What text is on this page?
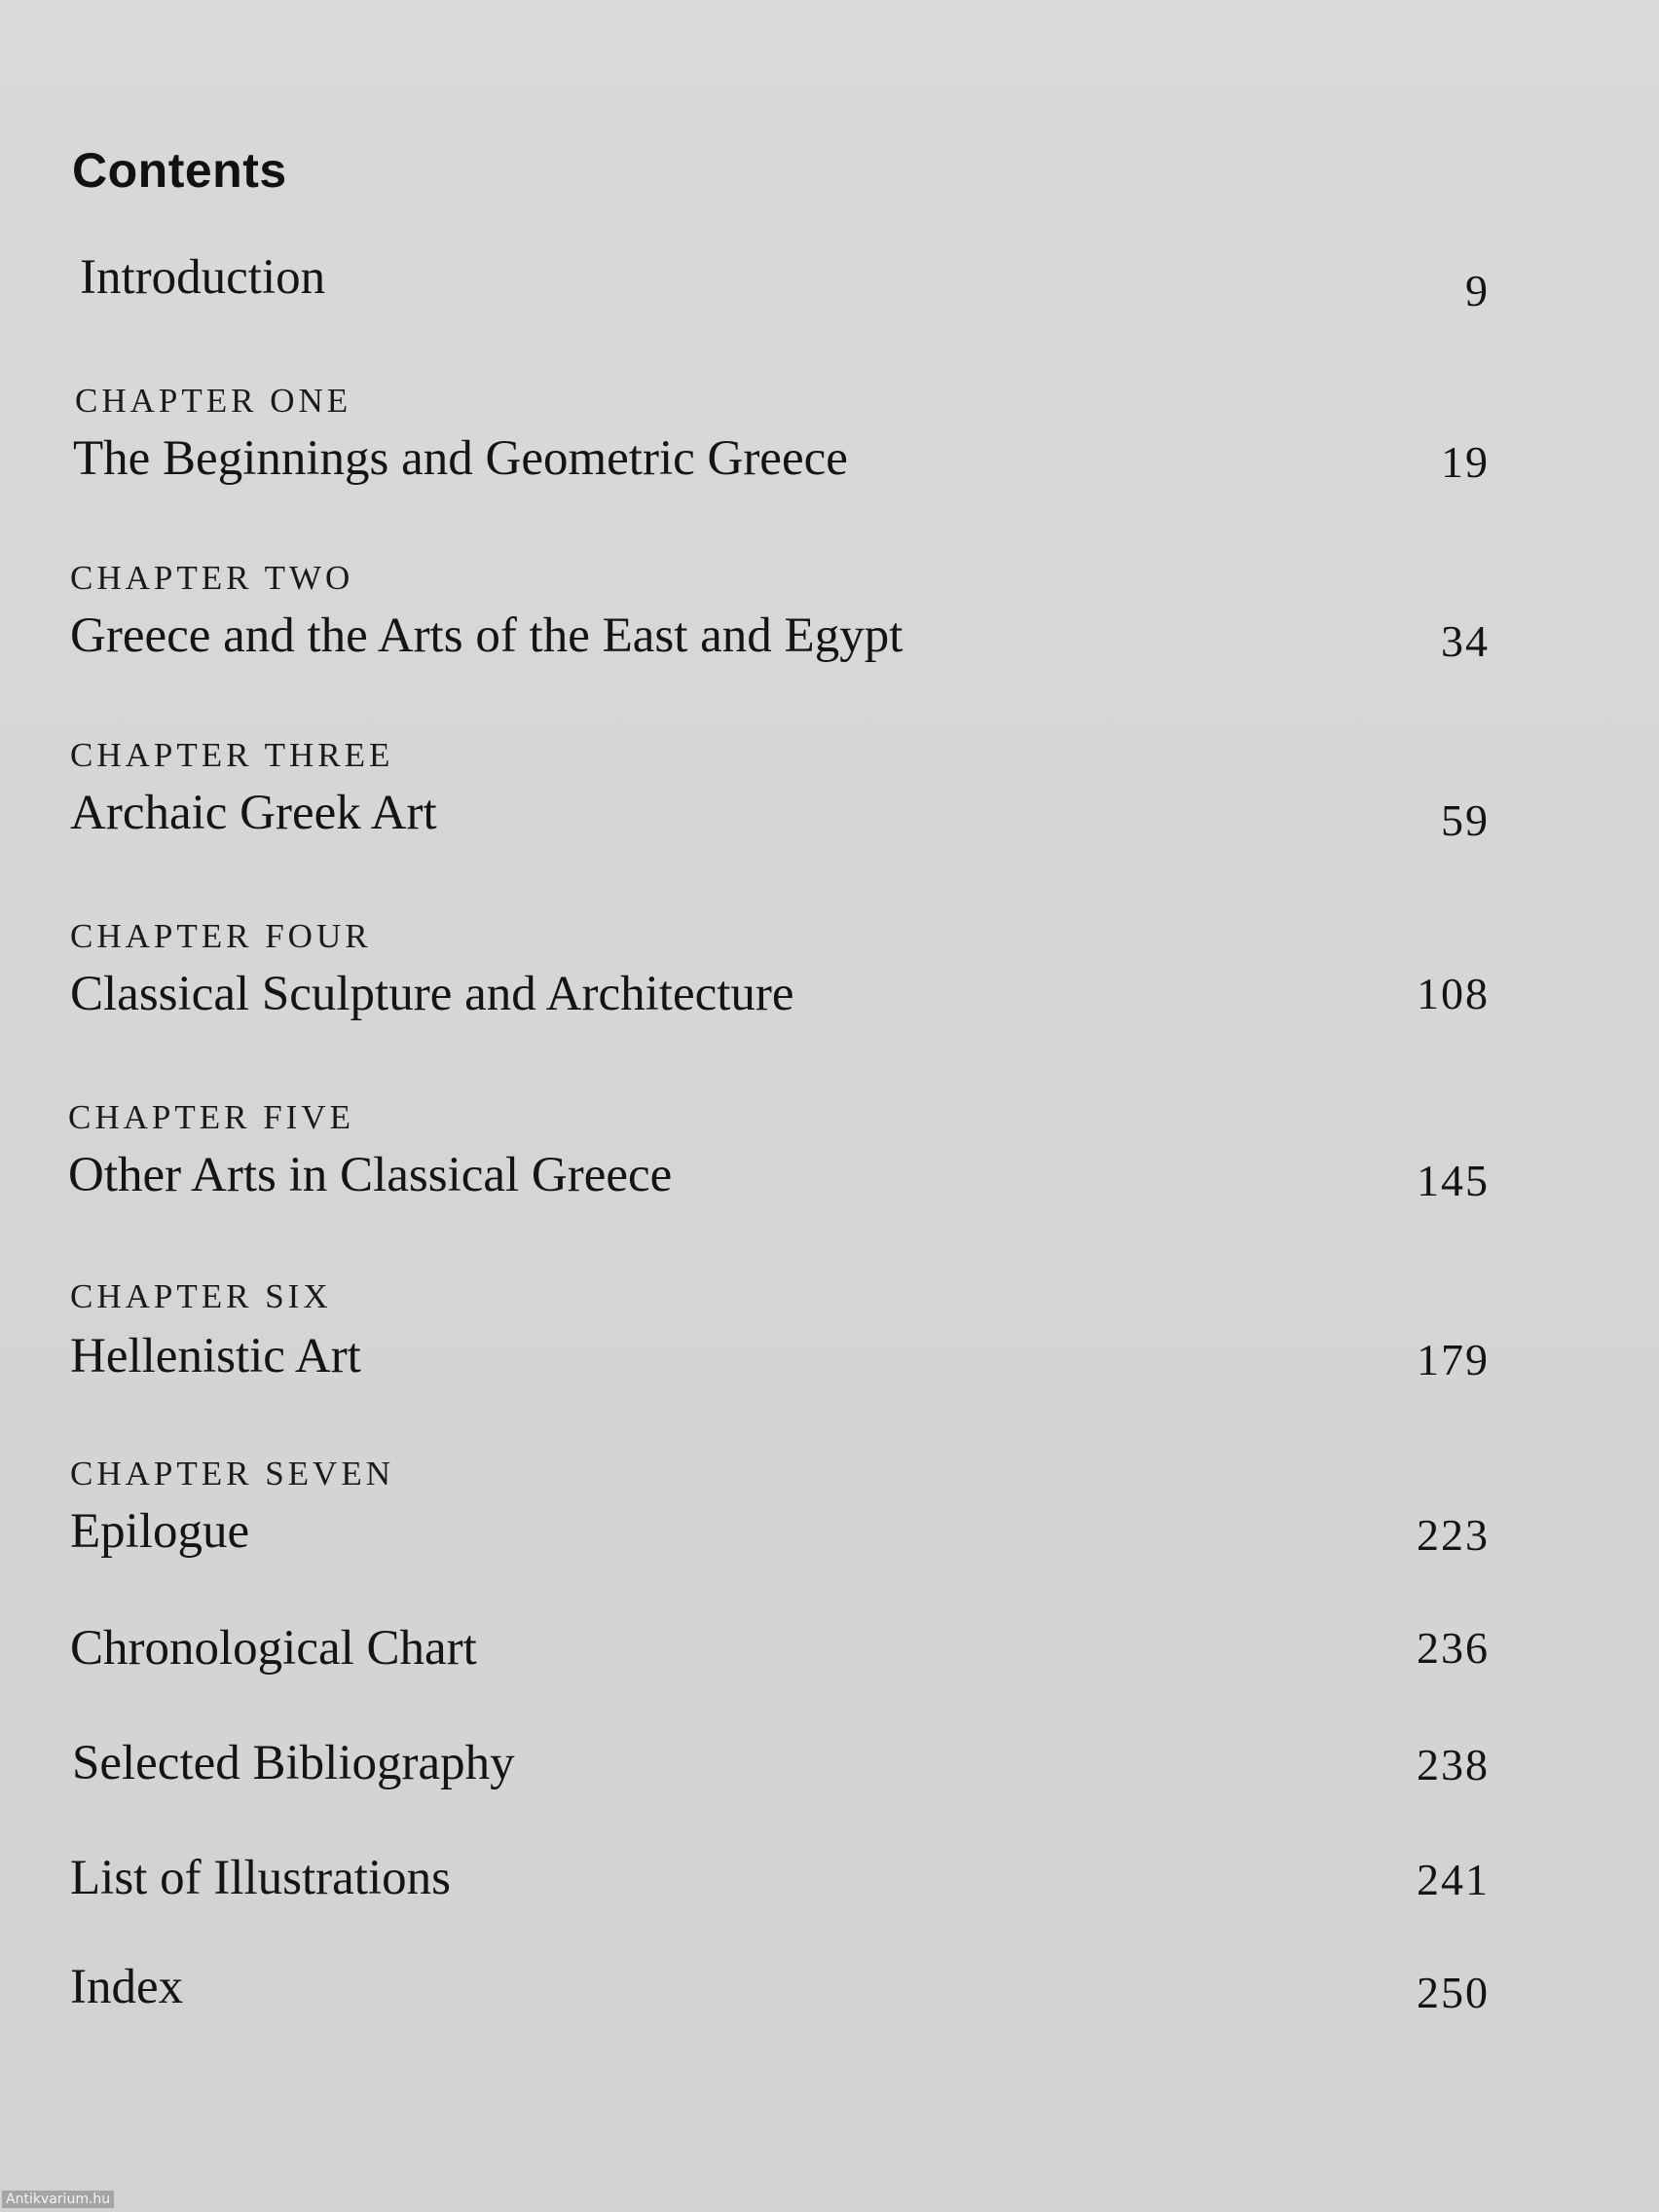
Contents
Introduction	9
CHAPTER ONE
The Beginnings and Geometric Greece	19
CHAPTER TWO
Greece and the Arts of the East and Egypt	34
CHAPTER THREE
Archaic Greek Art	59
CHAPTER FOUR
Classical Sculpture and Architecture	108
CHAPTER FIVE
Other Arts in Classical Greece	145
CHAPTER SIX
Hellenistic Art	179
CHAPTER SEVEN
Epilogue	223
Chronological Chart	236
Selected Bibliography	238
List of Illustrations	241
Index	250
Antikvarium.hu
